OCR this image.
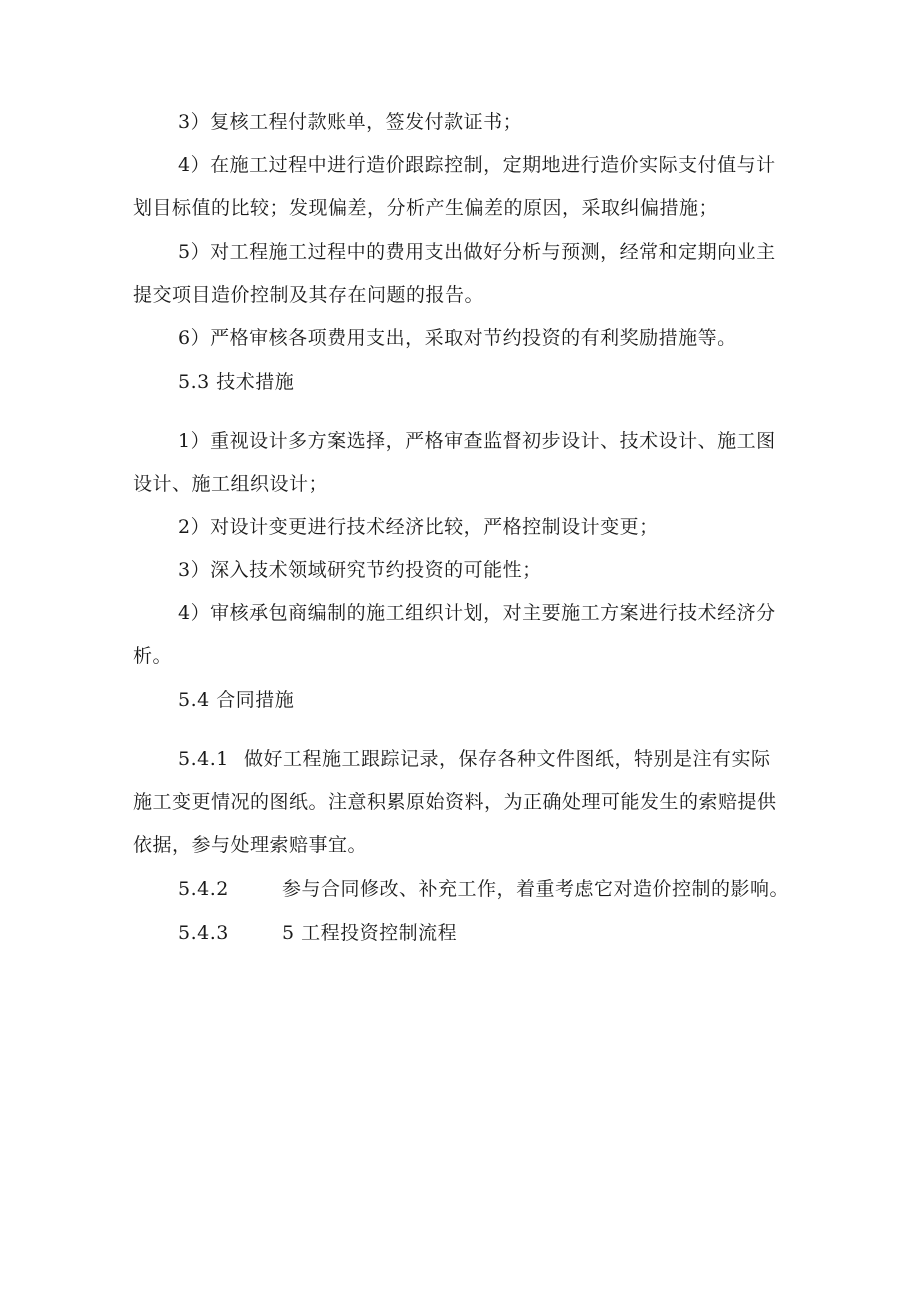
3）复核工程付款账单，签发付款证书；
4）在施工过程中进行造价跟踪控制，定期地进行造价实际支付值与计
划目标值的比较；发现偏差，分析产生偏差的原因，采取纠偏措施；
5）对工程施工过程中的费用支出做好分析与预测，经常和定期向业主
提交项目造价控制及其存在问题的报告。
6）严格审核各项费用支出，采取对节约投资的有利奖励措施等。
5.3 技术措施
1）重视设计多方案选择，严格审查监督初步设计、技术设计、施工图
设计、施工组织设计；
2）对设计变更进行技术经济比较，严格控制设计变更；
3）深入技术领域研究节约投资的可能性；
4）审核承包商编制的施工组织计划，对主要施工方案进行技术经济分
析。
5.4 合同措施
5.4.1 做好工程施工跟踪记录，保存各种文件图纸，特别是注有实际
施工变更情况的图纸。注意积累原始资料，为正确处理可能发生的索赔提供
依据，参与处理索赔事宜。
5.4.2	参与合同修改、补充工作，着重考虑它对造价控制的影响。
5.4.3	5 工程投资控制流程
